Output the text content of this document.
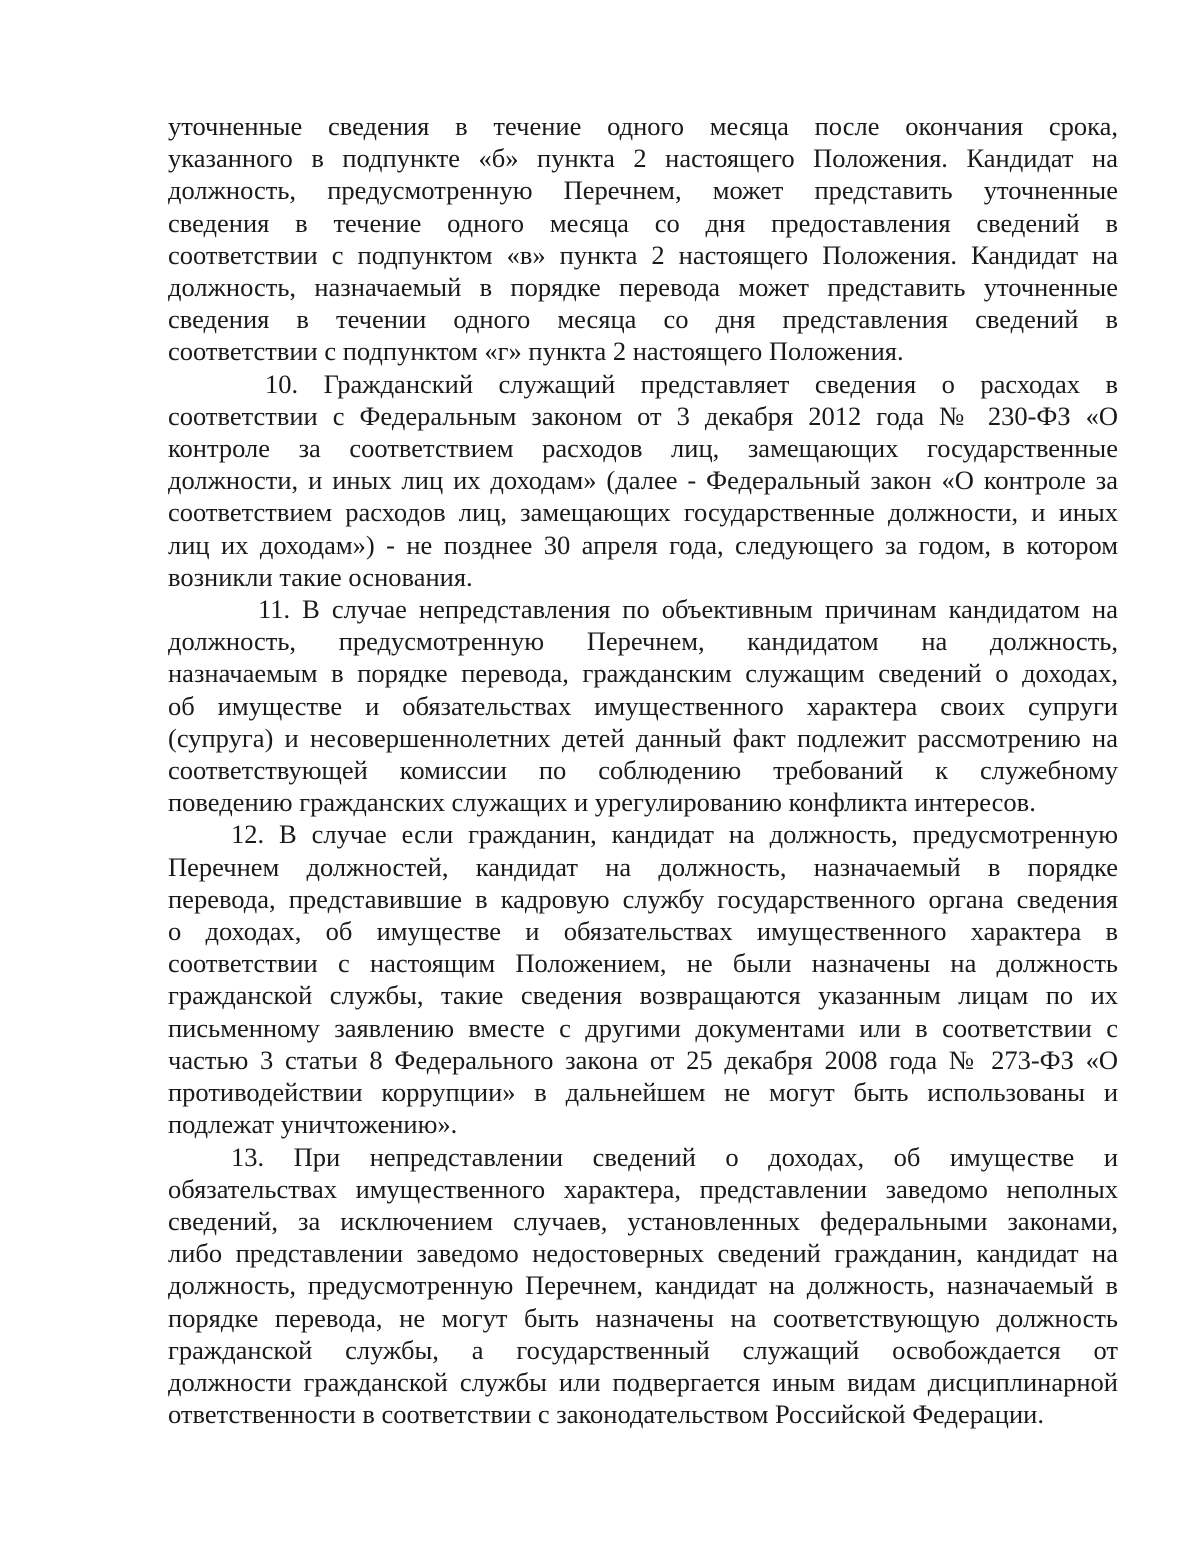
уточненные сведения в течение одного месяца после окончания срока,
указанного в подпункте «б» пункта 2 настоящего Положения. Кандидат на
должность, предусмотренную Перечнем, может представить уточненные
сведения в течение одного месяца со дня предоставления сведений в
соответствии с подпунктом «в» пункта 2 настоящего Положения. Кандидат на
должность, назначаемый в порядке перевода может представить уточненные
сведения в течении одного месяца со дня представления сведений в
соответствии с подпунктом «г» пункта 2 настоящего Положения.
10. Гражданский служащий представляет сведения о расходах в
соответствии с Федеральным законом от 3 декабря 2012 года № 230-ФЗ «О
контроле за соответствием расходов лиц, замещающих государственные
должности, и иных лиц их доходам» (далее - Федеральный закон «О контроле за
соответствием расходов лиц, замещающих государственные должности, и иных
лиц их доходам») - не позднее 30 апреля года, следующего за годом, в котором
возникли такие основания.
11. В случае непредставления по объективным причинам кандидатом на
должность, предусмотренную Перечнем, кандидатом на должность,
назначаемым в порядке перевода, гражданским служащим сведений о доходах,
об имуществе и обязательствах имущественного характера своих супруги
(супруга) и несовершеннолетних детей данный факт подлежит рассмотрению на
соответствующей комиссии по соблюдению требований к служебному
поведению гражданских служащих и урегулированию конфликта интересов.
12. В случае если гражданин, кандидат на должность, предусмотренную
Перечнем должностей, кандидат на должность, назначаемый в порядке
перевода, представившие в кадровую службу государственного органа сведения
о доходах, об имуществе и обязательствах имущественного характера в
соответствии с настоящим Положением, не были назначены на должность
гражданской службы, такие сведения возвращаются указанным лицам по их
письменному заявлению вместе с другими документами или в соответствии с
частью 3 статьи 8 Федерального закона от 25 декабря 2008 года № 273-ФЗ «О
противодействии коррупции» в дальнейшем не могут быть использованы и
подлежат уничтожению».
13. При непредставлении сведений о доходах, об имуществе и
обязательствах имущественного характера, представлении заведомо неполных
сведений, за исключением случаев, установленных федеральными законами,
либо представлении заведомо недостоверных сведений гражданин, кандидат на
должность, предусмотренную Перечнем, кандидат на должность, назначаемый в
порядке перевода, не могут быть назначены на соответствующую должность
гражданской службы, а государственный служащий освобождается от
должности гражданской службы или подвергается иным видам дисциплинарной
ответственности в соответствии с законодательством Российской Федерации.
